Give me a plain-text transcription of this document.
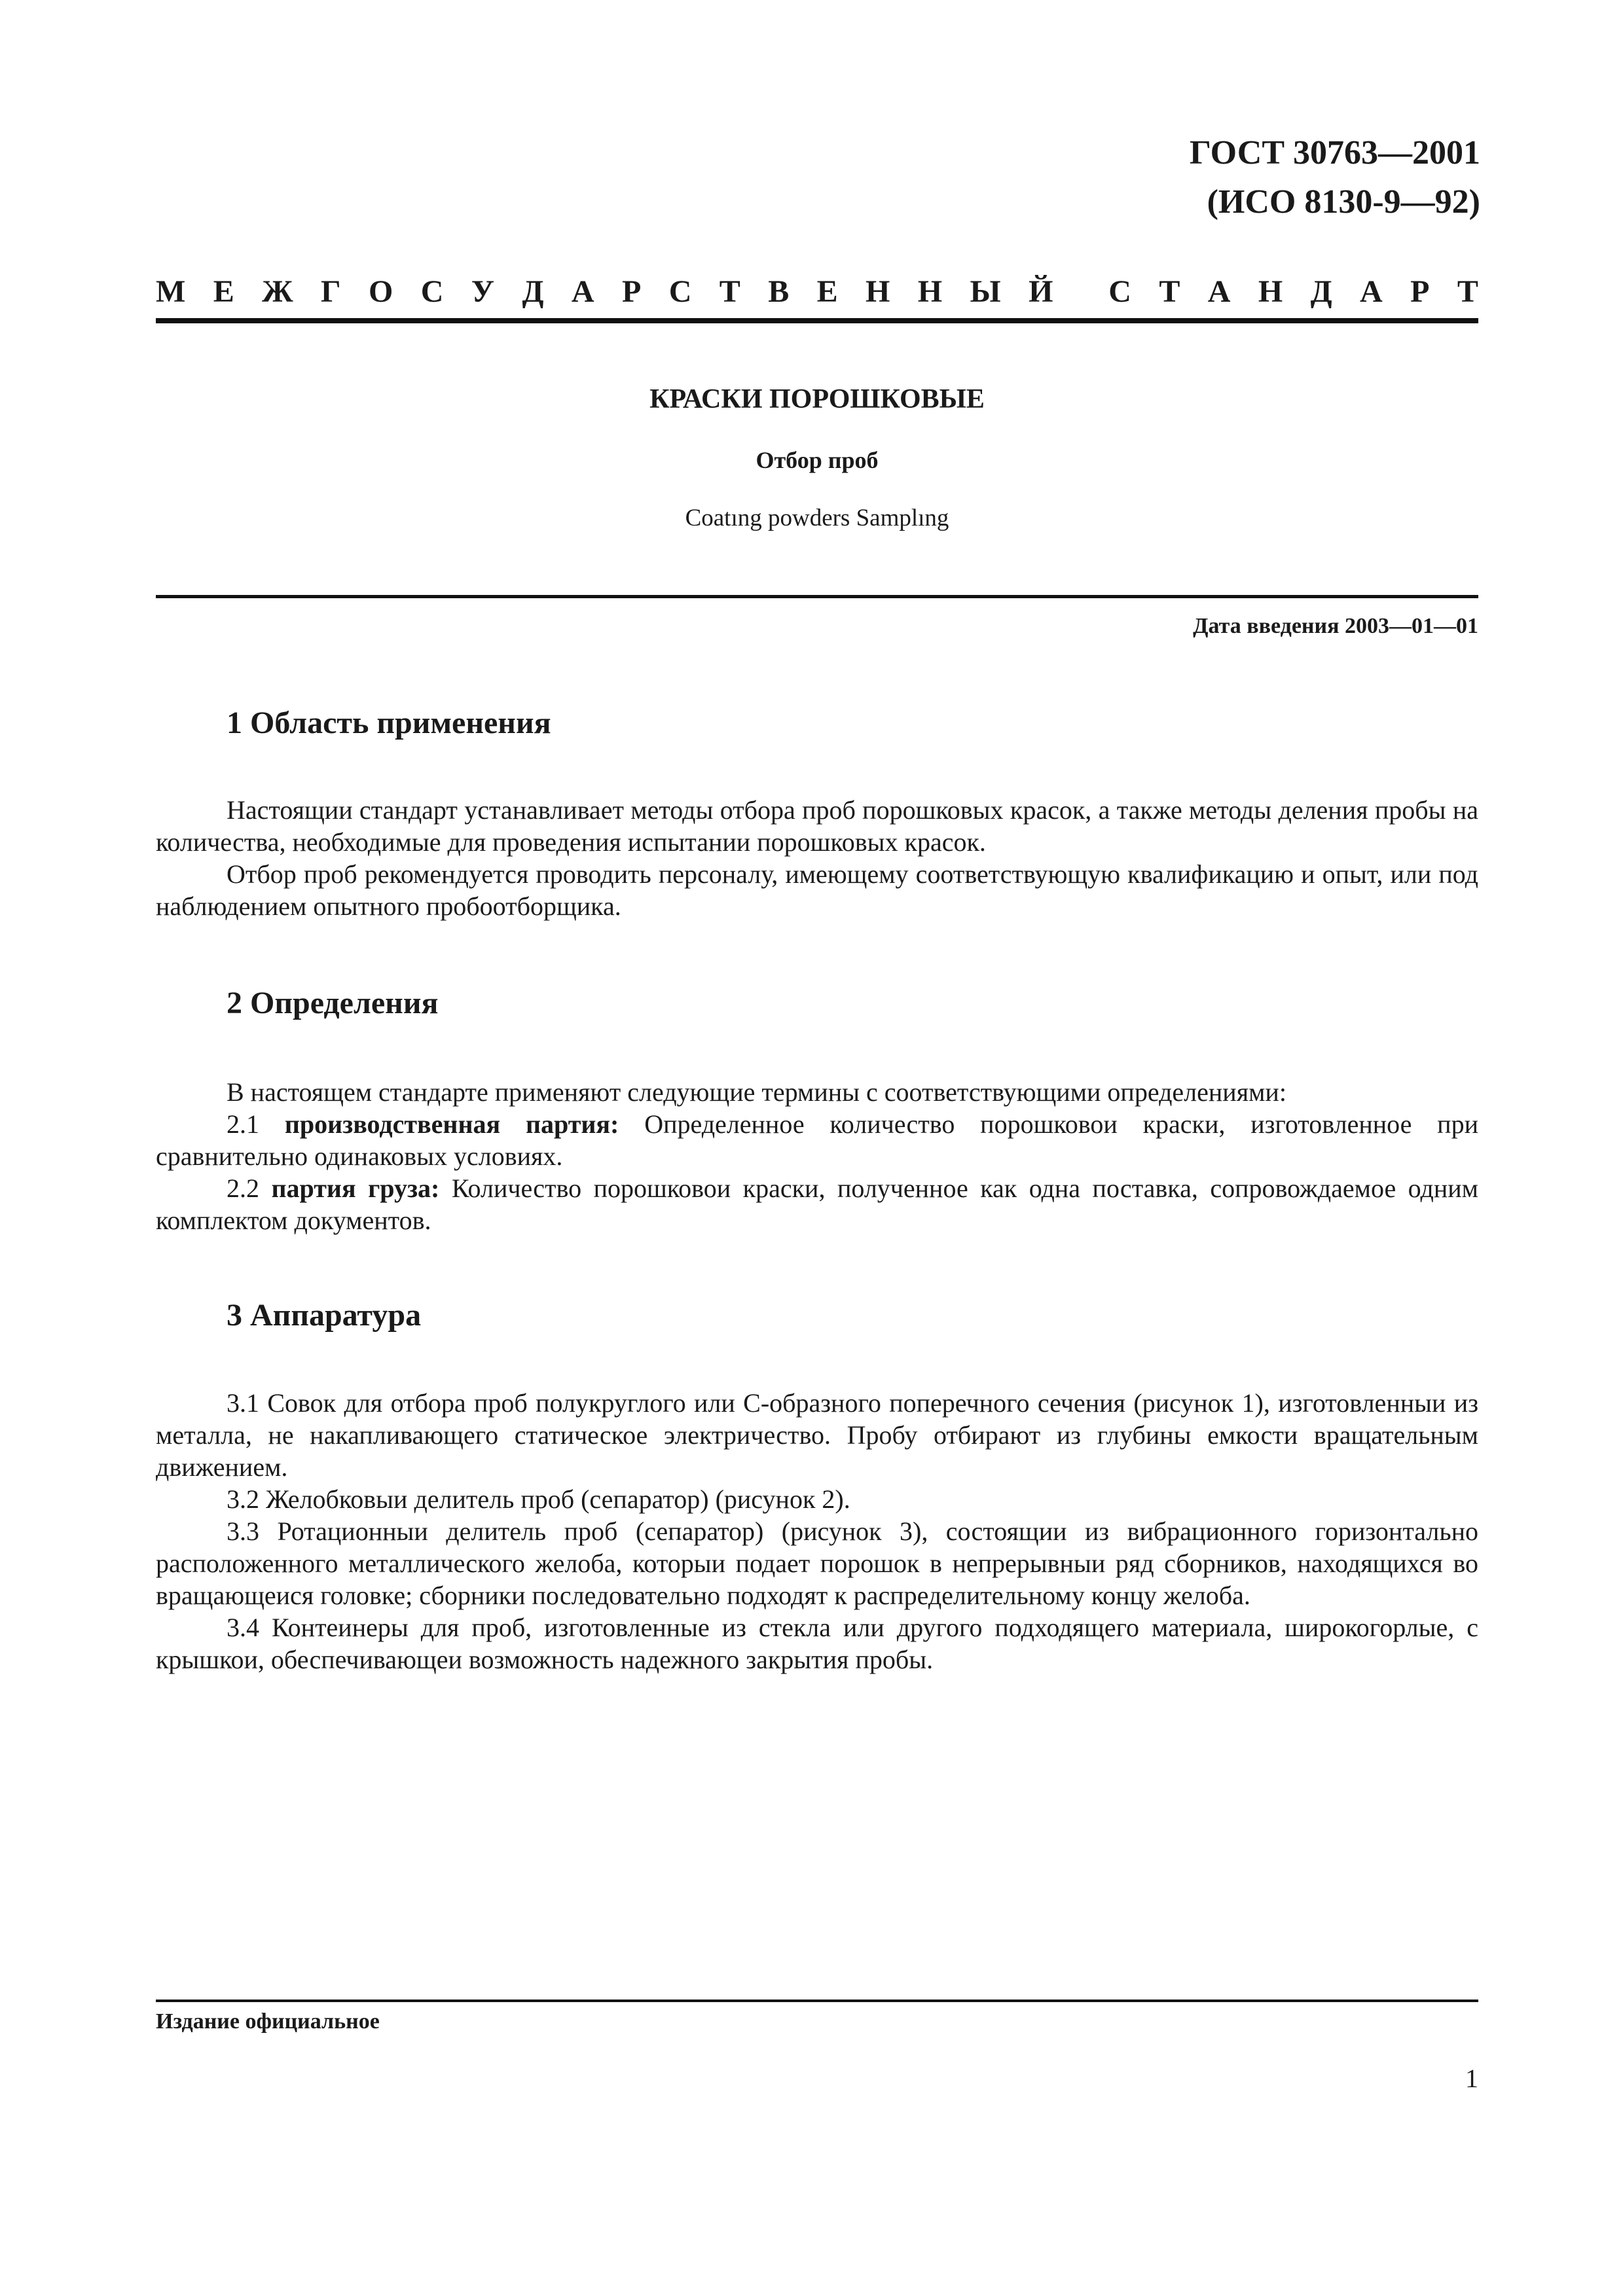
ГОСТ 30763—2001
(ИСО 8130-9—92)
М Е Ж Г О С У Д А Р С Т В Е Н Н Ы Й С Т А Н Д А Р Т
КРАСКИ ПОРОШКОВЫЕ
Отбор проб
Coatıng powders Samplıng
Дата введения 2003—01—01
1 Область применения

Настоящии стандарт устанавливает методы отбора проб порошковых красок, а также методы деления пробы на количества, необходимые для проведения испытании порошковых красок.

Отбор проб рекомендуется проводить персоналу, имеющему соответствующую квалификацию и опыт, или под наблюдением опытного пробоотборщика.

2 Определения

В настоящем стандарте применяют следующие термины с соответствующими определениями:

2.1 производственная партия: Определенное количество порошковои краски, изготовленное при сравнительно одинаковых условиях.

2.2 партия груза: Количество порошковои краски, полученное как одна поставка, сопровождаемое одним комплектом документов.

3 Аппаратура

3.1 Совок для отбора проб полукруглого или С-образного поперечного сечения (рисунок 1), изготовленныи из металла, не накапливающего статическое электричество. Пробу отбирают из глубины емкости вращательным движением.

3.2 Желобковыи делитель проб (сепаратор) (рисунок 2).

3.3 Ротационныи делитель проб (сепаратор) (рисунок 3), состоящии из вибрационного горизонтально расположенного металлического желоба, которыи подает порошок в непрерывныи ряд сборников, находящихся во вращающеися головке; сборники последовательно подходят к распределительному концу желоба.

3.4 Контеинеры для проб, изготовленные из стекла или другого подходящего материала, широкогорлые, с крышкои, обеспечивающеи возможность надежного закрытия пробы.

Издание официальное
1
